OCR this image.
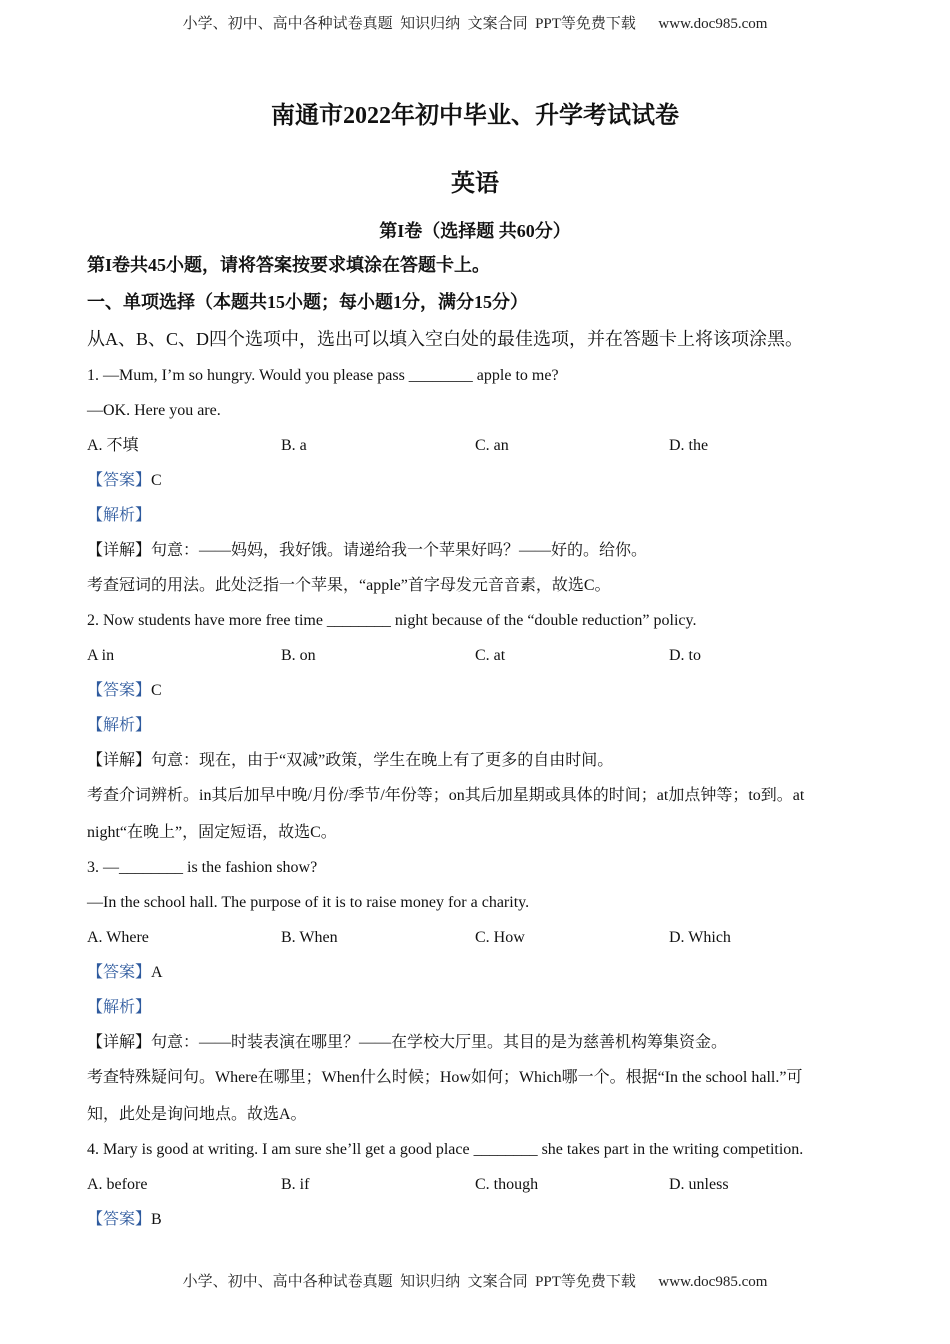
小学、初中、高中各种试卷真题  知识归纳  文案合同  PPT等免费下载      www.doc985.com
南通市2022年初中毕业、升学考试试卷
英语
第I卷（选择题 共60分）
第I卷共45小题，请将答案按要求填涂在答题卡上。
一、单项选择（本题共15小题；每小题1分，满分15分）
从A、B、C、D四个选项中，选出可以填入空白处的最佳选项，并在答题卡上将该项涂黑。
1. —Mum, I’m so hungry. Would you please pass ________ apple to me?
—OK. Here you are.
A. 不填	B. a	C. an	D. the
【答案】C
【解析】
【详解】句意：——妈妈，我好饿。请递给我一个苹果好吗？——好的。给你。
考查冠词的用法。此处泛指一个苹果，“apple”首字母发元音音素，故选C。
2. Now students have more free time ________ night because of the “double reduction” policy.
A in	B. on	C. at	D. to
【答案】C
【解析】
【详解】句意：现在，由于“双减”政策，学生在晚上有了更多的自由时间。
考查介词辨析。in其后加早中晚/月份/季节/年份等；on其后加星期或具体的时间；at加点钟等；to到。at
night“在晚上”，固定短语，故选C。
3. —________ is the fashion show?
—In the school hall. The purpose of it is to raise money for a charity.
A. Where	B. When	C. How	D. Which
【答案】A
【解析】
【详解】句意：——时装表演在哪里？——在学校大厅里。其目的是为慈善机构筹集资金。
考查特殊疑问句。Where在哪里；When什么时候；How如何；Which哪一个。根据“In the school hall.”可
知，此处是询问地点。故选A。
4. Mary is good at writing. I am sure she’ll get a good place ________ she takes part in the writing competition.
A. before	B. if	C. though	D. unless
【答案】B
小学、初中、高中各种试卷真题  知识归纳  文案合同  PPT等免费下载      www.doc985.com
